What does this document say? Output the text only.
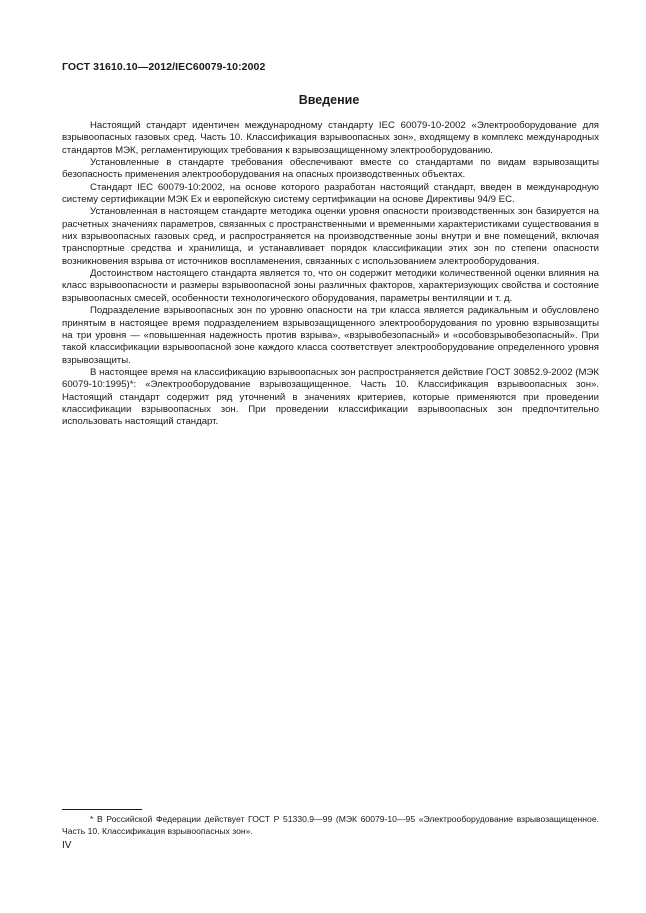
ГОСТ 31610.10—2012/IEC60079-10:2002
Введение

Настоящий стандарт идентичен международному стандарту IEC 60079-10-2002 «Электрооборудование для взрывоопасных газовых сред. Часть 10. Классификация взрывоопасных зон», входящему в комплекс международных стандартов МЭК, регламентирующих требования к взрывозащищенному электрооборудованию.

Установленные в стандарте требования обеспечивают вместе со стандартами по видам взрывозащиты безопасность применения электрооборудования на опасных производственных объектах.

Стандарт IEC 60079-10:2002, на основе которого разработан настоящий стандарт, введен в международную систему сертификации МЭК Ex и европейскую систему сертификации на основе Директивы 94/9 ЕС.

Установленная в настоящем стандарте методика оценки уровня опасности производственных зон базируется на расчетных значениях параметров, связанных с пространственными и временными характеристиками существования в них взрывоопасных газовых сред, и распространяется на производственные зоны внутри и вне помещений, включая транспортные средства и хранилища, и устанавливает порядок классификации этих зон по степени опасности возникновения взрыва от источников воспламенения, связанных с использованием электрооборудования.

Достоинством настоящего стандарта является то, что он содержит методики количественной оценки влияния на класс взрывоопасности и размеры взрывоопасной зоны различных факторов, характеризующих свойства и состояние взрывоопасных смесей, особенности технологического оборудования, параметры вентиляции и т. д.

Подразделение взрывоопасных зон по уровню опасности на три класса является радикальным и обусловлено принятым в настоящее время подразделением взрывозащищенного электрооборудования по уровню взрывозащиты на три уровня — «повышенная надежность против взрыва», «взрывобезопасный» и «особовзрывобезопасный». При такой классификации взрывоопасной зоне каждого класса соответствует электрооборудование определенного уровня взрывозащиты.

В настоящее время на классификацию взрывоопасных зон распространяется действие ГОСТ 30852.9-2002 (МЭК 60079-10:1995)*: «Электрооборудование взрывозащищенное. Часть 10. Классификация взрывоопасных зон». Настоящий стандарт содержит ряд уточнений в значениях критериев, которые применяются при проведении классификации взрывоопасных зон. При проведении классификации взрывоопасных зон предпочтительно использовать настоящий стандарт.

* В Российской Федерации действует ГОСТ Р 51330.9—99 (МЭК 60079-10—95 «Электрооборудование взрывозащищенное. Часть 10. Классификация взрывоопасных зон».

IV
